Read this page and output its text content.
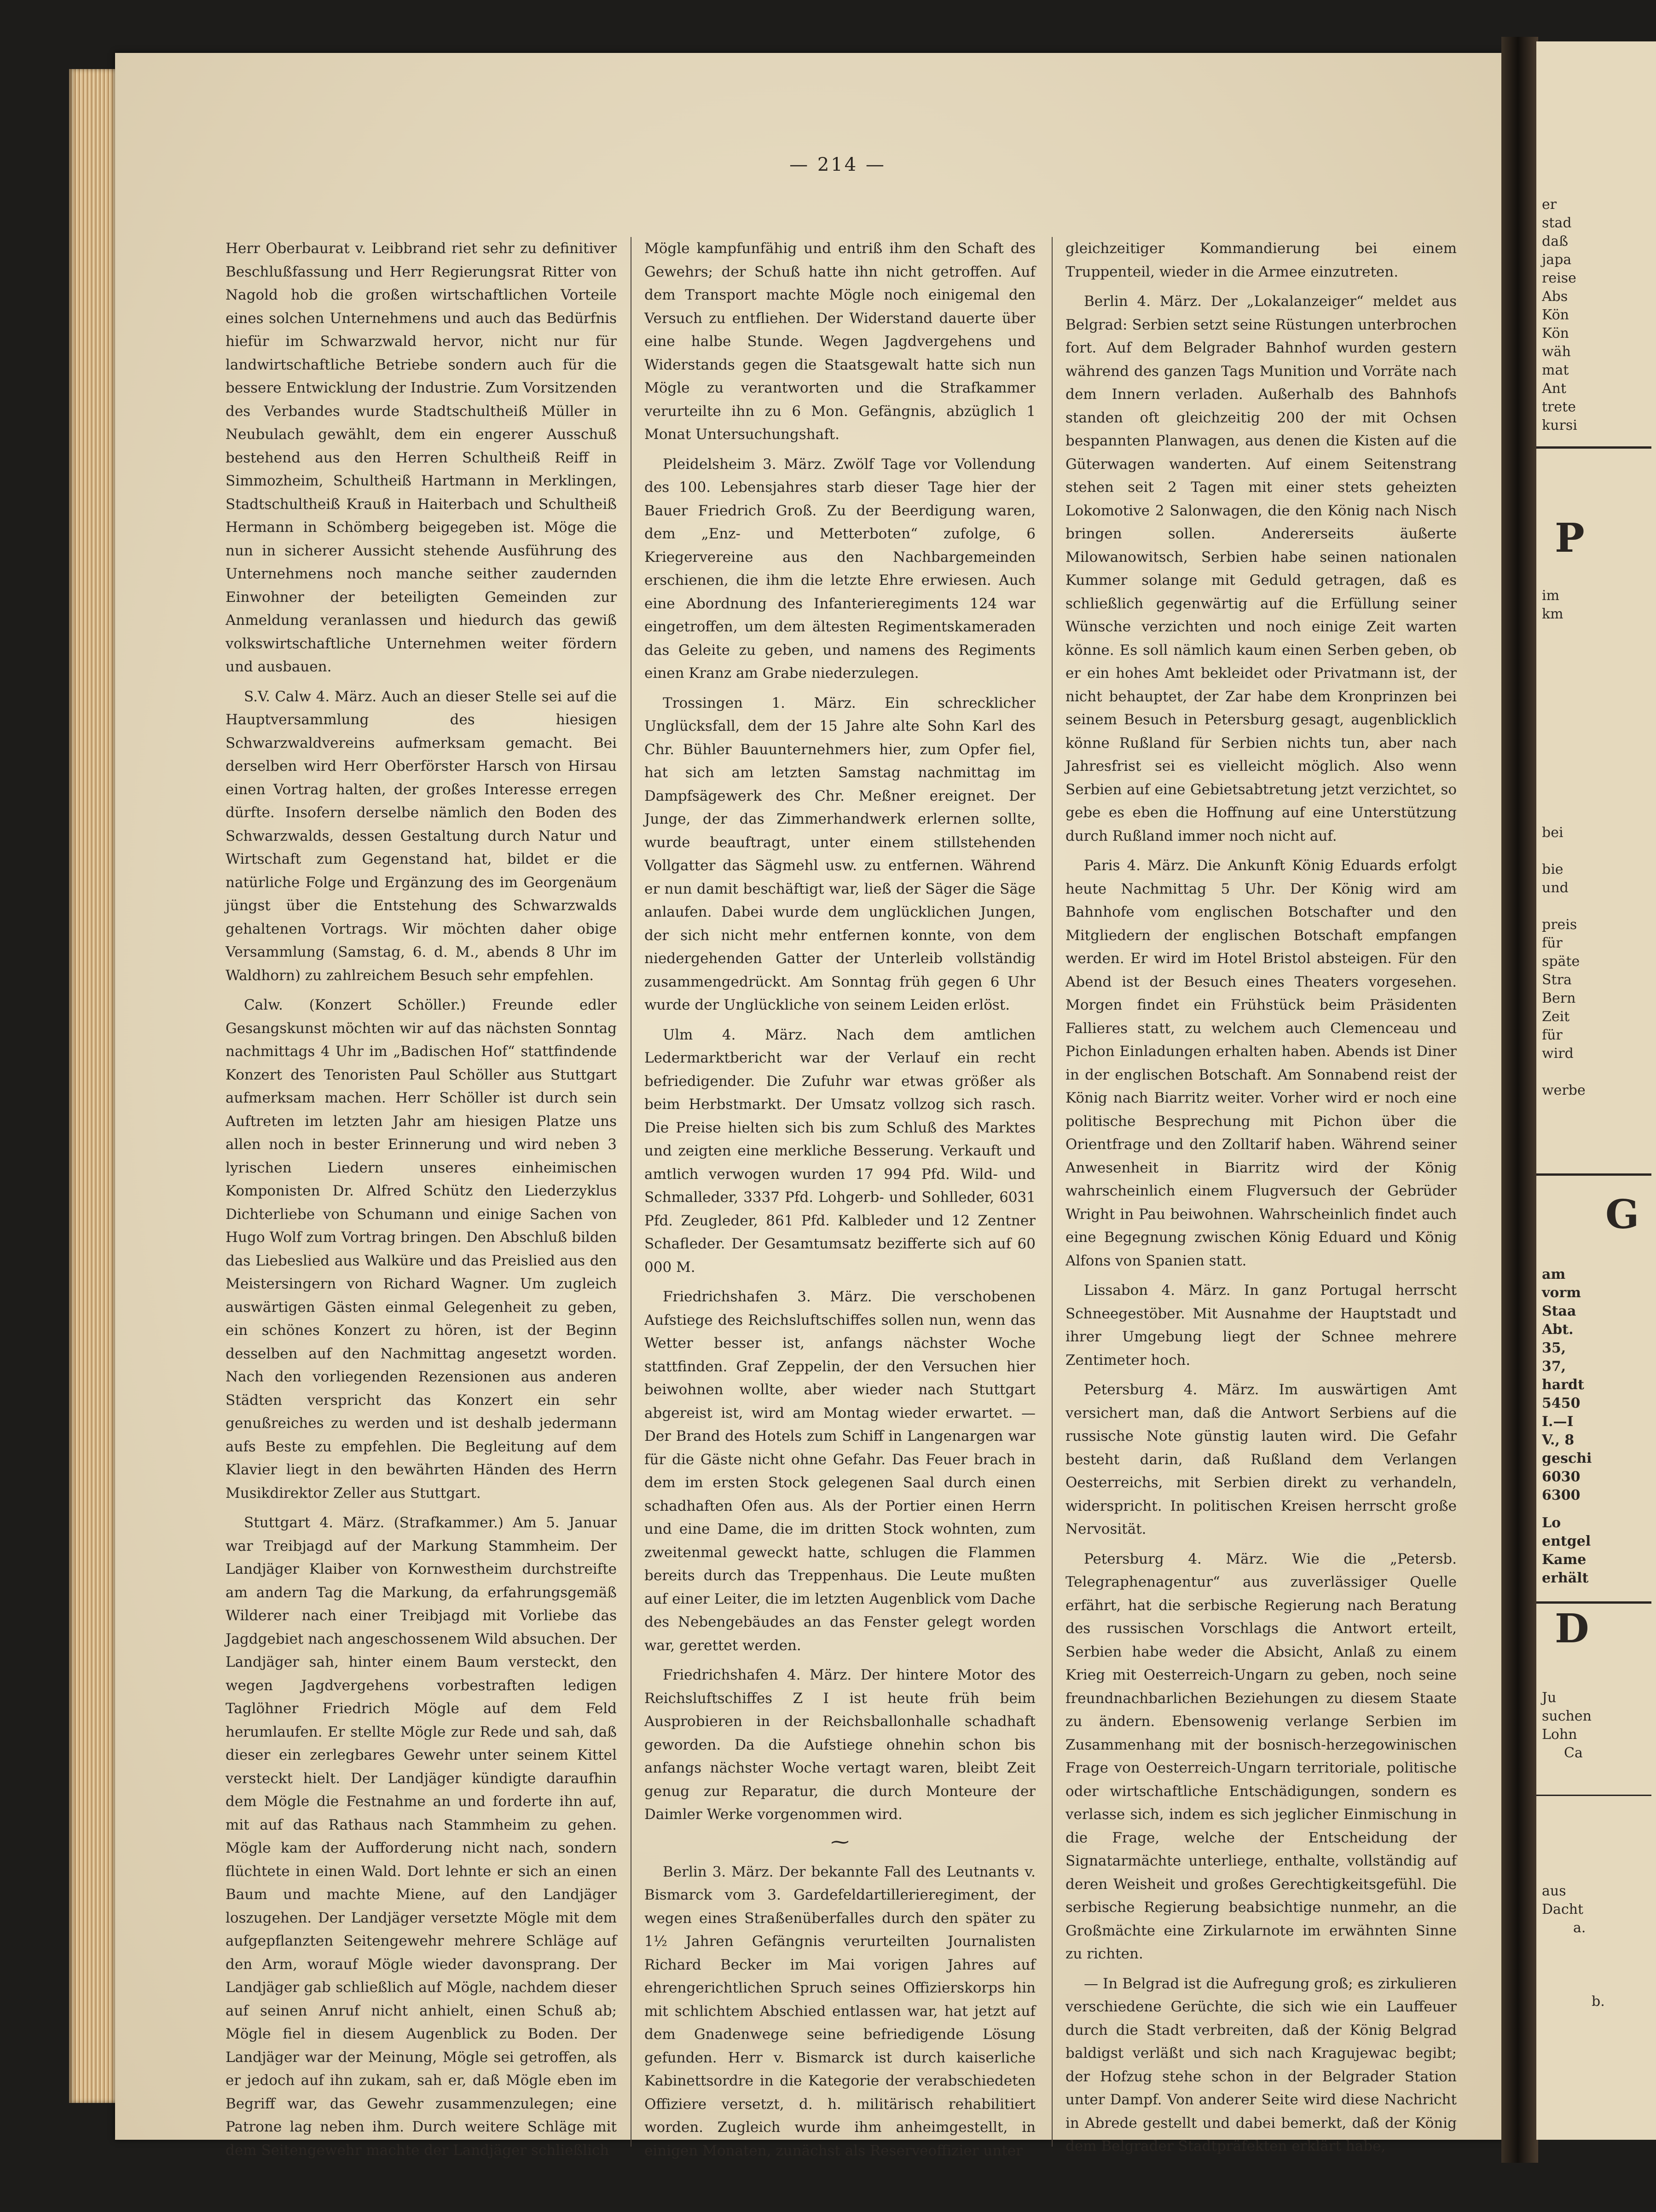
— 214 —

Herr Oberbaurat v. Leibbrand riet sehr zu definitiver Beschlußfassung und Herr Regierungsrat Ritter von Nagold hob die großen wirtschaftlichen Vorteile eines solchen Unternehmens und auch das Bedürfnis hiefür im Schwarzwald hervor, nicht nur für landwirtschaftliche Betriebe sondern auch für die bessere Entwicklung der Industrie. Zum Vorsitzenden des Verbandes wurde Stadtschultheiß Müller in Neubulach gewählt, dem ein engerer Ausschuß bestehend aus den Herren Schultheiß Reiff in Simmozheim, Schultheiß Hartmann in Merklingen, Stadtschultheiß Krauß in Haiterbach und Schultheiß Hermann in Schömberg beigegeben ist. Möge die nun in sicherer Aussicht stehende Ausführung des Unternehmens noch manche seither zaudernden Einwohner der beteiligten Gemeinden zur Anmeldung veranlassen und hiedurch das gewiß volkswirtschaftliche Unternehmen weiter fördern und ausbauen.

S.V. Calw 4. März. Auch an dieser Stelle sei auf die Hauptversammlung des hiesigen Schwarzwaldvereins aufmerksam gemacht. Bei derselben wird Herr Oberförster Harsch von Hirsau einen Vortrag halten, der großes Interesse erregen dürfte. Insofern derselbe nämlich den Boden des Schwarzwalds, dessen Gestaltung durch Natur und Wirtschaft zum Gegenstand hat, bildet er die natürliche Folge und Ergänzung des im Georgenäum jüngst über die Entstehung des Schwarzwalds gehaltenen Vortrags. Wir möchten daher obige Versammlung (Samstag, 6. d. M., abends 8 Uhr im Waldhorn) zu zahlreichem Besuch sehr empfehlen.

Calw. (Konzert Schöller.) Freunde edler Gesangskunst möchten wir auf das nächsten Sonntag nachmittags 4 Uhr im „Badischen Hof“ stattfindende Konzert des Tenoristen Paul Schöller aus Stuttgart aufmerksam machen. Herr Schöller ist durch sein Auftreten im letzten Jahr am hiesigen Platze uns allen noch in bester Erinnerung und wird neben 3 lyrischen Liedern unseres einheimischen Komponisten Dr. Alfred Schütz den Liederzyklus Dichterliebe von Schumann und einige Sachen von Hugo Wolf zum Vortrag bringen. Den Abschluß bilden das Liebeslied aus Walküre und das Preislied aus den Meistersingern von Richard Wagner. Um zugleich auswärtigen Gästen einmal Gelegenheit zu geben, ein schönes Konzert zu hören, ist der Beginn desselben auf den Nachmittag angesetzt worden. Nach den vorliegenden Rezensionen aus anderen Städten verspricht das Konzert ein sehr genußreiches zu werden und ist deshalb jedermann aufs Beste zu empfehlen. Die Begleitung auf dem Klavier liegt in den bewährten Händen des Herrn Musikdirektor Zeller aus Stuttgart.

Stuttgart 4. März. (Strafkammer.) Am 5. Januar war Treibjagd auf der Markung Stammheim. Der Landjäger Klaiber von Kornwestheim durchstreifte am andern Tag die Markung, da erfahrungsgemäß Wilderer nach einer Treibjagd mit Vorliebe das Jagdgebiet nach angeschossenem Wild absuchen. Der Landjäger sah, hinter einem Baum versteckt, den wegen Jagdvergehens vorbestraften ledigen Taglöhner Friedrich Mögle auf dem Feld herumlaufen. Er stellte Mögle zur Rede und sah, daß dieser ein zerlegbares Gewehr unter seinem Kittel versteckt hielt. Der Landjäger kündigte daraufhin dem Mögle die Festnahme an und forderte ihn auf, mit auf das Rathaus nach Stammheim zu gehen. Mögle kam der Aufforderung nicht nach, sondern flüchtete in einen Wald. Dort lehnte er sich an einen Baum und machte Miene, auf den Landjäger loszugehen. Der Landjäger versetzte Mögle mit dem aufgepflanzten Seitengewehr mehrere Schläge auf den Arm, worauf Mögle wieder davonsprang. Der Landjäger gab schließlich auf Mögle, nachdem dieser auf seinen Anruf nicht anhielt, einen Schuß ab; Mögle fiel in diesem Augenblick zu Boden. Der Landjäger war der Meinung, Mögle sei getroffen, als er jedoch auf ihn zukam, sah er, daß Mögle eben im Begriff war, das Gewehr zusammenzulegen; eine Patrone lag neben ihm. Durch weitere Schläge mit dem Seitengewehr machte der Landjäger schließlich

Mögle kampfunfähig und entriß ihm den Schaft des Gewehrs; der Schuß hatte ihn nicht getroffen. Auf dem Transport machte Mögle noch einigemal den Versuch zu entfliehen. Der Widerstand dauerte über eine halbe Stunde. Wegen Jagdvergehens und Widerstands gegen die Staatsgewalt hatte sich nun Mögle zu verantworten und die Strafkammer verurteilte ihn zu 6 Mon. Gefängnis, abzüglich 1 Monat Untersuchungshaft.

Pleidelsheim 3. März. Zwölf Tage vor Vollendung des 100. Lebensjahres starb dieser Tage hier der Bauer Friedrich Groß. Zu der Beerdigung waren, dem „Enz- und Metterboten“ zufolge, 6 Kriegervereine aus den Nachbargemeinden erschienen, die ihm die letzte Ehre erwiesen. Auch eine Abordnung des Infanterieregiments 124 war eingetroffen, um dem ältesten Regimentskameraden das Geleite zu geben, und namens des Regiments einen Kranz am Grabe niederzulegen.

Trossingen 1. März. Ein schrecklicher Unglücksfall, dem der 15 Jahre alte Sohn Karl des Chr. Bühler Bauunternehmers hier, zum Opfer fiel, hat sich am letzten Samstag nachmittag im Dampfsägewerk des Chr. Meßner ereignet. Der Junge, der das Zimmerhandwerk erlernen sollte, wurde beauftragt, unter einem stillstehenden Vollgatter das Sägmehl usw. zu entfernen. Während er nun damit beschäftigt war, ließ der Säger die Säge anlaufen. Dabei wurde dem unglücklichen Jungen, der sich nicht mehr entfernen konnte, von dem niedergehenden Gatter der Unterleib vollständig zusammengedrückt. Am Sonntag früh gegen 6 Uhr wurde der Unglückliche von seinem Leiden erlöst.

Ulm 4. März. Nach dem amtlichen Ledermarktbericht war der Verlauf ein recht befriedigender. Die Zufuhr war etwas größer als beim Herbstmarkt. Der Umsatz vollzog sich rasch. Die Preise hielten sich bis zum Schluß des Marktes und zeigten eine merkliche Besserung. Verkauft und amtlich verwogen wurden 17 994 Pfd. Wild- und Schmalleder, 3337 Pfd. Lohgerb- und Sohlleder, 6031 Pfd. Zeugleder, 861 Pfd. Kalbleder und 12 Zentner Schafleder. Der Gesamtumsatz bezifferte sich auf 60 000 M.

Friedrichshafen 3. März. Die verschobenen Aufstiege des Reichsluftschiffes sollen nun, wenn das Wetter besser ist, anfangs nächster Woche stattfinden. Graf Zeppelin, der den Versuchen hier beiwohnen wollte, aber wieder nach Stuttgart abgereist ist, wird am Montag wieder erwartet. — Der Brand des Hotels zum Schiff in Langenargen war für die Gäste nicht ohne Gefahr. Das Feuer brach in dem im ersten Stock gelegenen Saal durch einen schadhaften Ofen aus. Als der Portier einen Herrn und eine Dame, die im dritten Stock wohnten, zum zweitenmal geweckt hatte, schlugen die Flammen bereits durch das Treppenhaus. Die Leute mußten auf einer Leiter, die im letzten Augenblick vom Dache des Nebengebäudes an das Fenster gelegt worden war, gerettet werden.

Friedrichshafen 4. März. Der hintere Motor des Reichsluftschiffes Z I ist heute früh beim Ausprobieren in der Reichsballonhalle schadhaft geworden. Da die Aufstiege ohnehin schon bis anfangs nächster Woche vertagt waren, bleibt Zeit genug zur Reparatur, die durch Monteure der Daimler Werke vorgenommen wird.

⁓

Berlin 3. März. Der bekannte Fall des Leutnants v. Bismarck vom 3. Gardefeldartillerieregiment, der wegen eines Straßenüberfalles durch den später zu 1½ Jahren Gefängnis verurteilten Journalisten Richard Becker im Mai vorigen Jahres auf ehrengerichtlichen Spruch seines Offizierskorps hin mit schlichtem Abschied entlassen war, hat jetzt auf dem Gnadenwege seine befriedigende Lösung gefunden. Herr v. Bismarck ist durch kaiserliche Kabinettsordre in die Kategorie der verabschiedeten Offiziere versetzt, d. h. militärisch rehabilitiert worden. Zugleich wurde ihm anheimgestellt, in einigen Monaten, zunächst als Reserveoffizier unter

gleichzeitiger Kommandierung bei einem Truppenteil, wieder in die Armee einzutreten.

Berlin 4. März. Der „Lokalanzeiger“ meldet aus Belgrad: Serbien setzt seine Rüstungen unterbrochen fort. Auf dem Belgrader Bahnhof wurden gestern während des ganzen Tags Munition und Vorräte nach dem Innern verladen. Außerhalb des Bahnhofs standen oft gleichzeitig 200 der mit Ochsen bespannten Planwagen, aus denen die Kisten auf die Güterwagen wanderten. Auf einem Seitenstrang stehen seit 2 Tagen mit einer stets geheizten Lokomotive 2 Salonwagen, die den König nach Nisch bringen sollen. Andererseits äußerte Milowanowitsch, Serbien habe seinen nationalen Kummer solange mit Geduld getragen, daß es schließlich gegenwärtig auf die Erfüllung seiner Wünsche verzichten und noch einige Zeit warten könne. Es soll nämlich kaum einen Serben geben, ob er ein hohes Amt bekleidet oder Privatmann ist, der nicht behauptet, der Zar habe dem Kronprinzen bei seinem Besuch in Petersburg gesagt, augenblicklich könne Rußland für Serbien nichts tun, aber nach Jahresfrist sei es vielleicht möglich. Also wenn Serbien auf eine Gebietsabtretung jetzt verzichtet, so gebe es eben die Hoffnung auf eine Unterstützung durch Rußland immer noch nicht auf.

Paris 4. März. Die Ankunft König Eduards erfolgt heute Nachmittag 5 Uhr. Der König wird am Bahnhofe vom englischen Botschafter und den Mitgliedern der englischen Botschaft empfangen werden. Er wird im Hotel Bristol absteigen. Für den Abend ist der Besuch eines Theaters vorgesehen. Morgen findet ein Frühstück beim Präsidenten Fallieres statt, zu welchem auch Clemenceau und Pichon Einladungen erhalten haben. Abends ist Diner in der englischen Botschaft. Am Sonnabend reist der König nach Biarritz weiter. Vorher wird er noch eine politische Besprechung mit Pichon über die Orientfrage und den Zolltarif haben. Während seiner Anwesenheit in Biarritz wird der König wahrscheinlich einem Flugversuch der Gebrüder Wright in Pau beiwohnen. Wahrscheinlich findet auch eine Begegnung zwischen König Eduard und König Alfons von Spanien statt.

Lissabon 4. März. In ganz Portugal herrscht Schneegestöber. Mit Ausnahme der Hauptstadt und ihrer Umgebung liegt der Schnee mehrere Zentimeter hoch.

Petersburg 4. März. Im auswärtigen Amt versichert man, daß die Antwort Serbiens auf die russische Note günstig lauten wird. Die Gefahr besteht darin, daß Rußland dem Verlangen Oesterreichs, mit Serbien direkt zu verhandeln, widerspricht. In politischen Kreisen herrscht große Nervosität.

Petersburg 4. März. Wie die „Petersb. Telegraphenagentur“ aus zuverlässiger Quelle erfährt, hat die serbische Regierung nach Beratung des russischen Vorschlags die Antwort erteilt, Serbien habe weder die Absicht, Anlaß zu einem Krieg mit Oesterreich-Ungarn zu geben, noch seine freundnachbarlichen Beziehungen zu diesem Staate zu ändern. Ebensowenig verlange Serbien im Zusammenhang mit der bosnisch-herzegowinischen Frage von Oesterreich-Ungarn territoriale, politische oder wirtschaftliche Entschädigungen, sondern es verlasse sich, indem es sich jeglicher Einmischung in die Frage, welche der Entscheidung der Signatarmächte unterliege, enthalte, vollständig auf deren Weisheit und großes Gerechtigkeitsgefühl. Die serbische Regierung beabsichtige nunmehr, an die Großmächte eine Zirkularnote im erwähnten Sinne zu richten.

— In Belgrad ist die Aufregung groß; es zirkulieren verschiedene Gerüchte, die sich wie ein Lauffeuer durch die Stadt verbreiten, daß der König Belgrad baldigst verläßt und sich nach Kragujewac begibt; der Hofzug stehe schon in der Belgrader Station unter Dampf. Von anderer Seite wird diese Nachricht in Abrede gestellt und dabei bemerkt, daß der König dem Belgrader Stadtpräfekten erklärt habe,

er
stad
daß
japa
reise
Abs
Kön
Kön
wäh
mat
Ant
trete
kursi
P
im
km
bei
bie
und
preis
für
späte
Stra
Bern
Zeit
für
wird
werbe
G
am
vorm
Staa
Abt.
35,
37,
hardt
5450
I.—I
V., 8
geschi
6030
6300
Lo
entgel
Kame
erhält
D
Ju
suchen
Lohn
Ca
aus
Dacht
a.
b.
